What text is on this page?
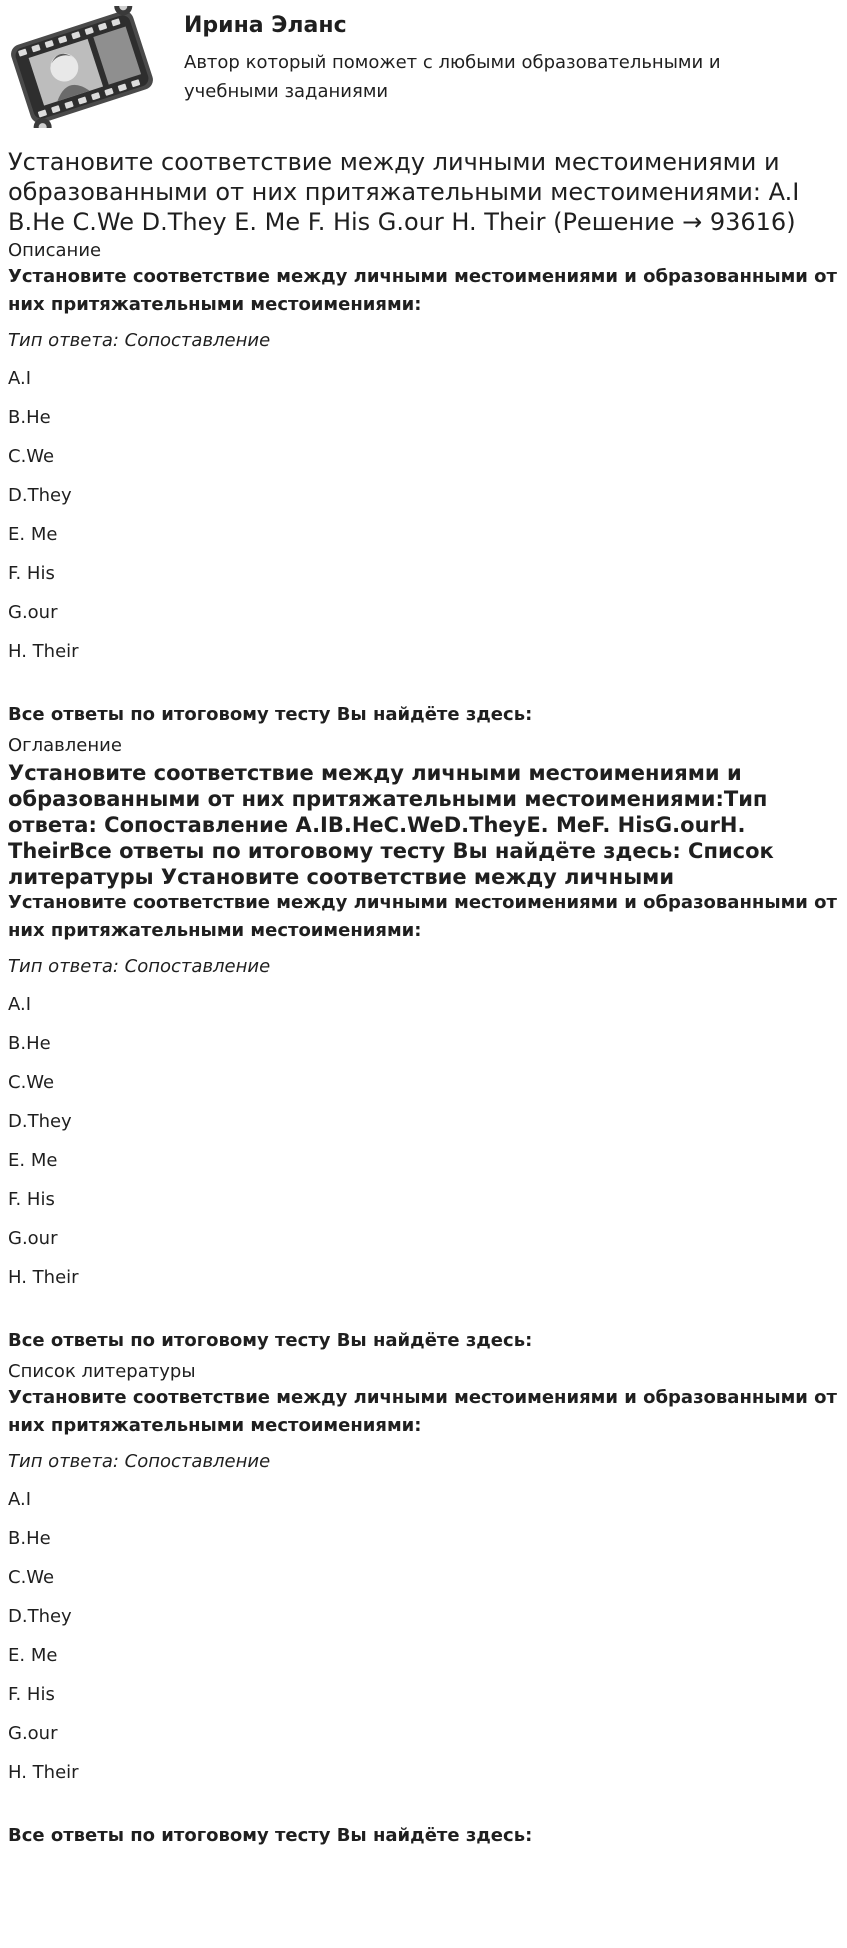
Ирина Эланс

Автор который поможет с любыми образовательными и учебными заданиями

Установите соответствие между личными местоимениями и образованными от них притяжательными местоимениями: A.I B.He C.We D.They E. Me F. His G.our H. Their (Решение → 93616)

Описание

Установите соответствие между личными местоимениями и образованными от них притяжательными местоимениями:

Тип ответа: Сопоставление

A.I
B.He
C.We
D.They
E. Me
F. His
G.our
H. Their

Все ответы по итоговому тесту Вы найдёте здесь:

Оглавление

Установите соответствие между личными местоимениями и образованными от них притяжательными местоимениями:Тип ответа: Сопоставление A.IB.HeC.WeD.TheyE. MeF. HisG.ourH. TheirВсе ответы по итоговому тесту Вы найдёте здесь: Список литературы Установите соответствие между личными

Установите соответствие между личными местоимениями и образованными от них притяжательными местоимениями:

Тип ответа: Сопоставление

A.I
B.He
C.We
D.They
E. Me
F. His
G.our
H. Their

Все ответы по итоговому тесту Вы найдёте здесь:

Список литературы

Установите соответствие между личными местоимениями и образованными от них притяжательными местоимениями:

Тип ответа: Сопоставление

A.I
B.He
C.We
D.They
E. Me
F. His
G.our
H. Their

Все ответы по итоговому тесту Вы найдёте здесь:
